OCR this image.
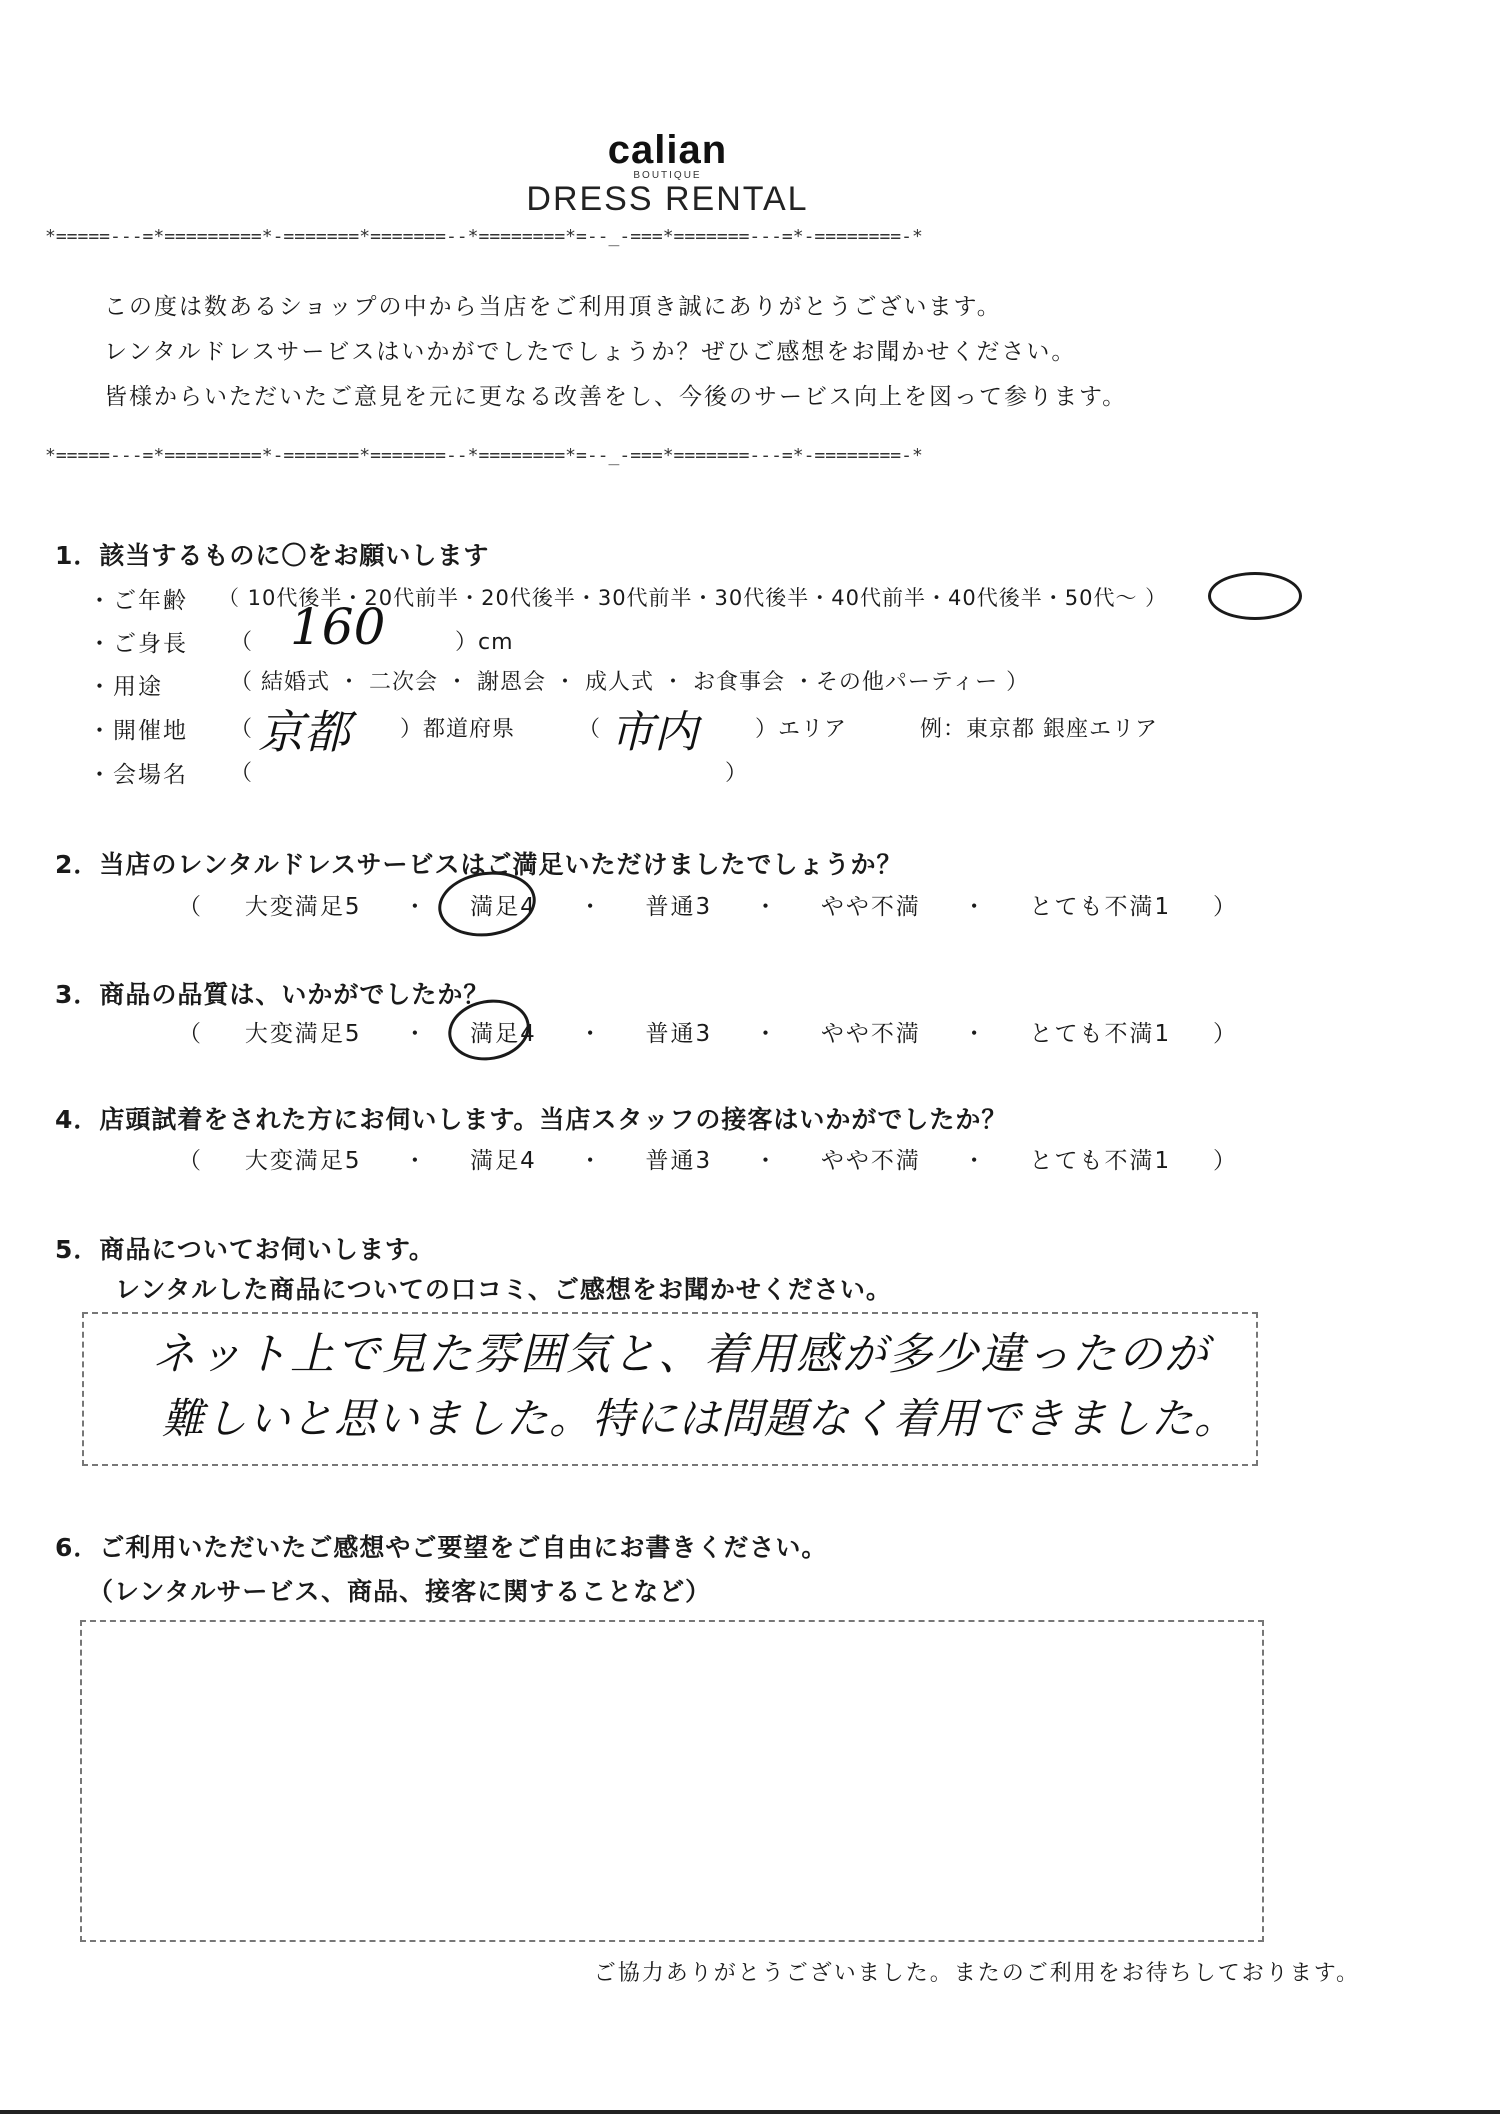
calian
BOUTIQUE
DRESS RENTAL
*=====---=*=========*-=======*=======--*========*=--_-===*=======---=*-========-*
この度は数あるショップの中から当店をご利用頂き誠にありがとうございます。
レンタルドレスサービスはいかがでしたでしょうか？ぜひご感想をお聞かせください。
皆様からいただいたご意見を元に更なる改善をし、今後のサービス向上を図って参ります。
*=====---=*=========*-=======*=======--*========*=--_-===*=======---=*-========-*
1．該当するものに〇をお願いします
・ご年齢 （ 10代後半・20代前半・20代後半・30代前半・30代後半・40代前半・40代後半・50代～ ）
・ご身長 （ 160	）cm
・用途	（ 結婚式 ・ 二次会 ・ 謝恩会 ・ 成人式 ・ お食事会 ・その他パーティー ）
・開催地 （ 京都 ）都道府県	（ 市内	）エリア	例：東京都 銀座エリア
・会場名 （	）
2．当店のレンタルドレスサービスはご満足いただけましたでしょうか？
（ 大変満足5 ・ 満足4 ・ 普通3 ・ やや不満 ・ とても不満1 ）
3．商品の品質は、いかがでしたか？
（ 大変満足5 ・ 満足4 ・ 普通3 ・ やや不満 ・ とても不満1 ）
4．店頭試着をされた方にお伺いします。当店スタッフの接客はいかがでしたか？
（ 大変満足5 ・ 満足4 ・ 普通3 ・ やや不満 ・ とても不満1 ）
5．商品についてお伺いします。
レンタルした商品についての口コミ、ご感想をお聞かせください。
ネット上で見た雰囲気と、着用感が多少違ったのが
難しいと思いました。特には問題なく着用できました。
6．ご利用いただいたご感想やご要望をご自由にお書きください。
（レンタルサービス、商品、接客に関することなど）
ご協力ありがとうございました。またのご利用をお待ちしております。
